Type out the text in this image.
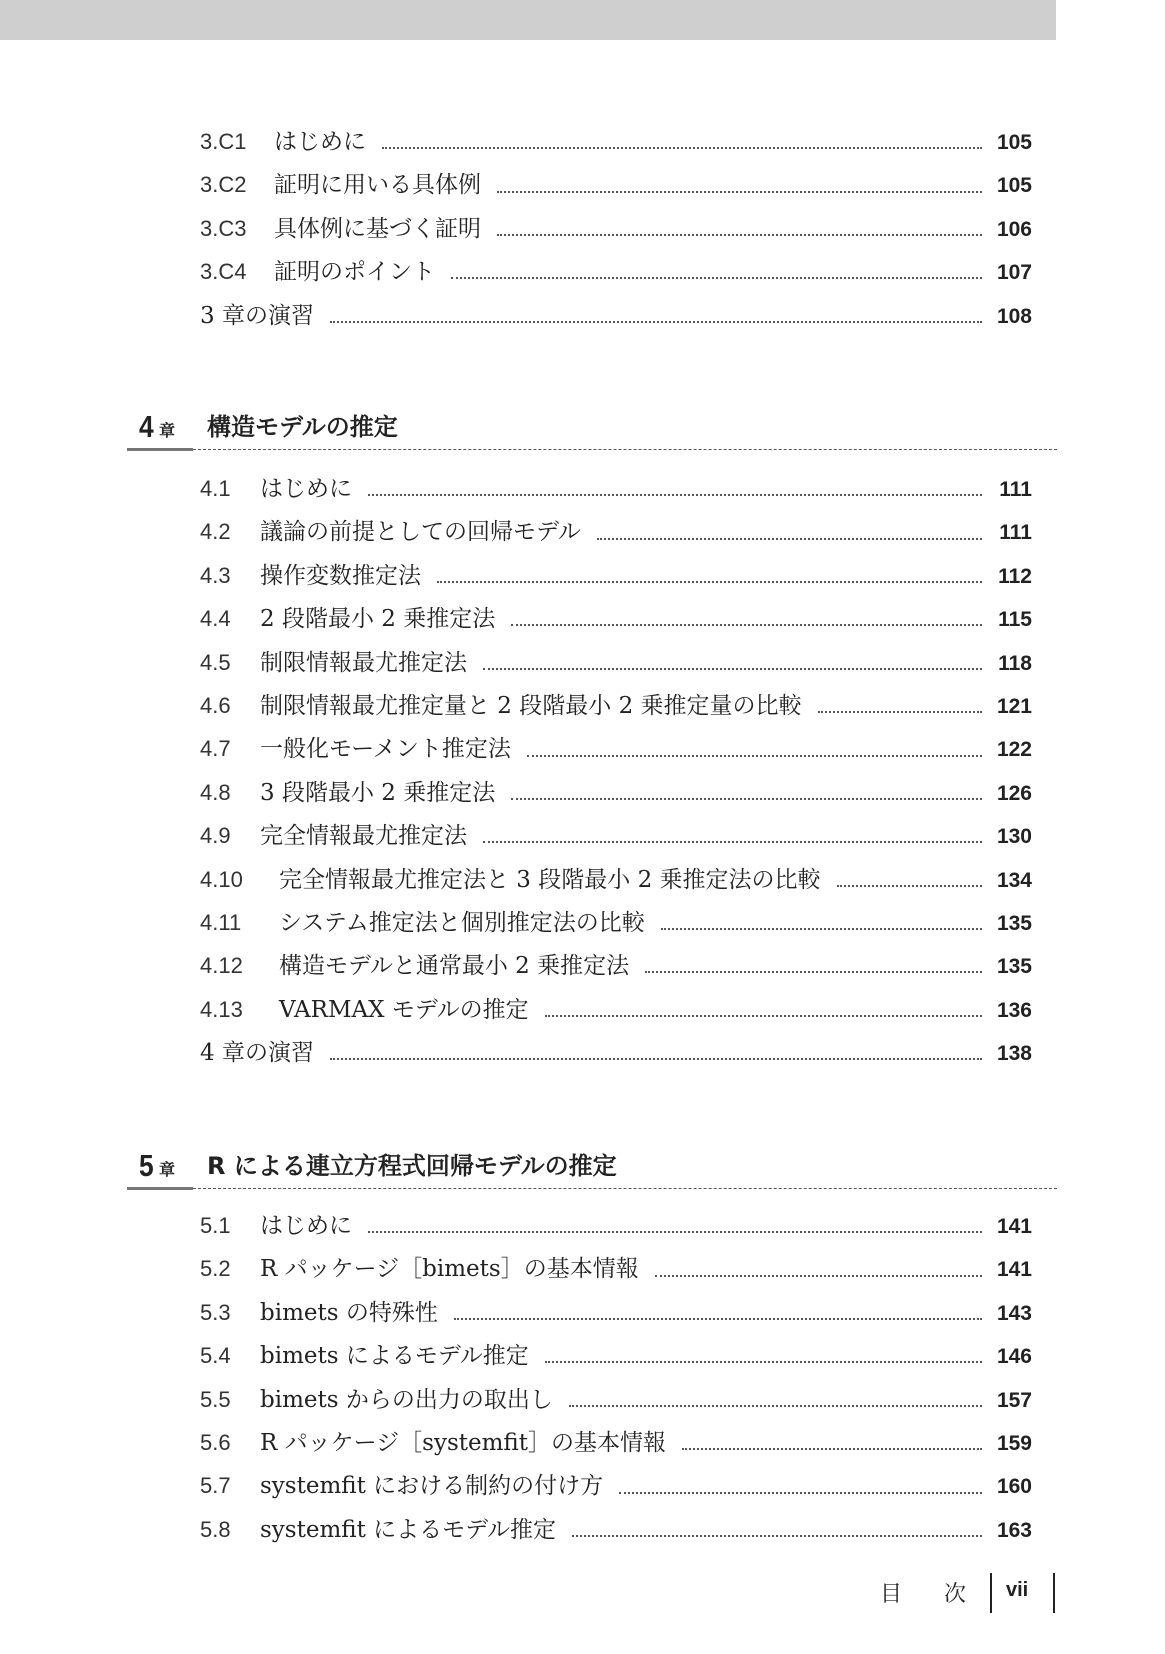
3.C1	はじめに	105
3.C2	証明に用いる具体例	105
3.C3	具体例に基づく証明	106
3.C4	証明のポイント	107
3 章の演習	108
4 章 構造モデルの推定
4.1	はじめに	111
4.2	議論の前提としての回帰モデル	111
4.3	操作変数推定法	112
4.4	2 段階最小 2 乗推定法	115
4.5	制限情報最尤推定法	118
4.6	制限情報最尤推定量と 2 段階最小 2 乗推定量の比較	121
4.7	一般化モーメント推定法	122
4.8	3 段階最小 2 乗推定法	126
4.9	完全情報最尤推定法	130
4.10	完全情報最尤推定法と 3 段階最小 2 乗推定法の比較	134
4.11	システム推定法と個別推定法の比較	135
4.12	構造モデルと通常最小 2 乗推定法	135
4.13	VARMAX モデルの推定	136
4 章の演習	138
5 章 R による連立方程式回帰モデルの推定
5.1	はじめに	141
5.2	R パッケージ［bimets］の基本情報	141
5.3	bimets の特殊性	143
5.4	bimets によるモデル推定	146
5.5	bimets からの出力の取出し	157
5.6	R パッケージ［systemfit］の基本情報	159
5.7	systemfit における制約の付け方	160
5.8	systemfit によるモデル推定	163
目 次 vii
